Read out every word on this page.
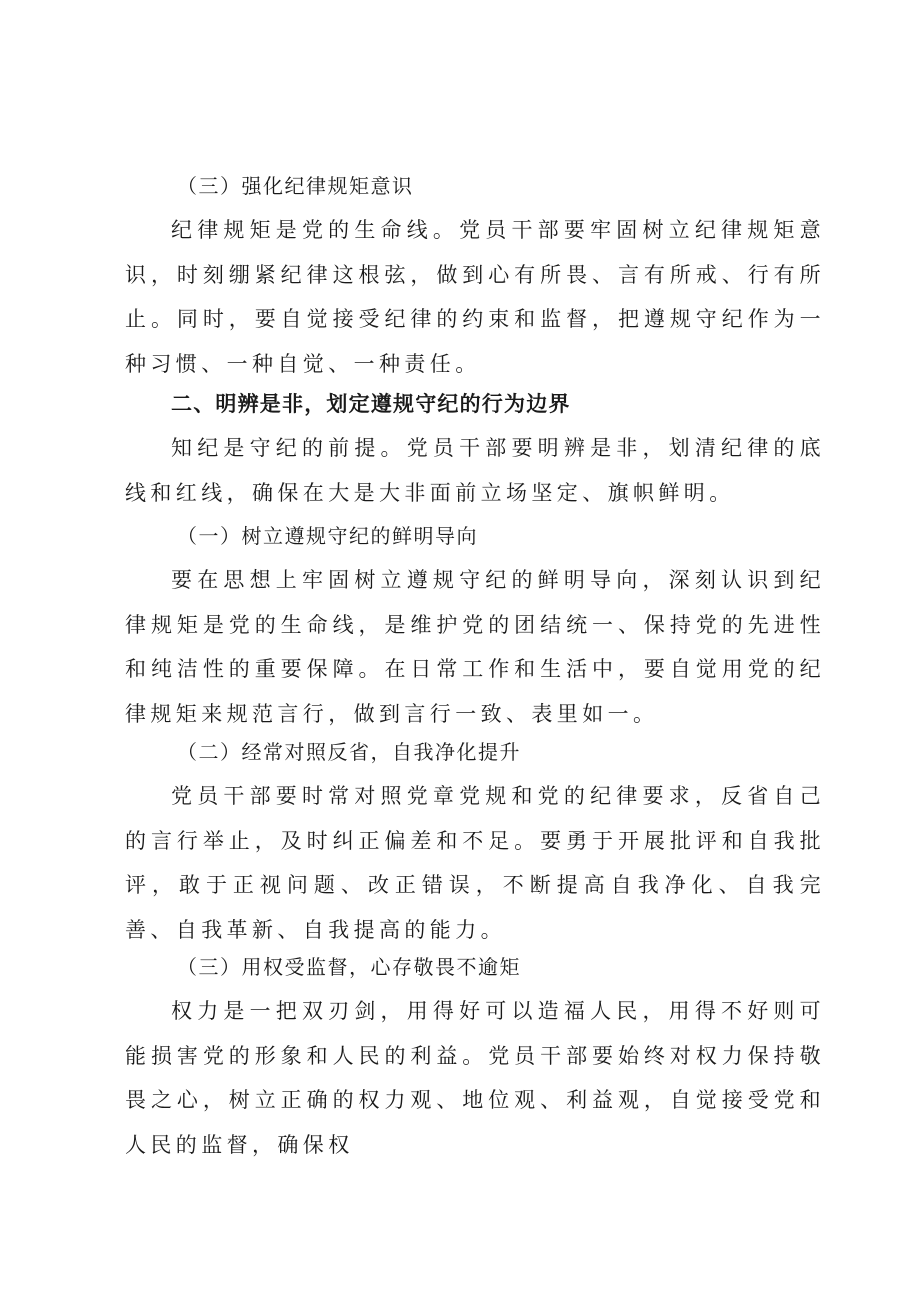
（三）强化纪律规矩意识

纪律规矩是党的生命线。党员干部要牢固树立纪律规矩意识，时刻绷紧纪律这根弦，做到心有所畏、言有所戒、行有所止。同时，要自觉接受纪律的约束和监督，把遵规守纪作为一种习惯、一种自觉、一种责任。

二、明辨是非，划定遵规守纪的行为边界

知纪是守纪的前提。党员干部要明辨是非，划清纪律的底线和红线，确保在大是大非面前立场坚定、旗帜鲜明。

（一）树立遵规守纪的鲜明导向

要在思想上牢固树立遵规守纪的鲜明导向，深刻认识到纪律规矩是党的生命线，是维护党的团结统一、保持党的先进性和纯洁性的重要保障。在日常工作和生活中，要自觉用党的纪律规矩来规范言行，做到言行一致、表里如一。

（二）经常对照反省，自我净化提升

党员干部要时常对照党章党规和党的纪律要求，反省自己的言行举止，及时纠正偏差和不足。要勇于开展批评和自我批评，敢于正视问题、改正错误，不断提高自我净化、自我完善、自我革新、自我提高的能力。

（三）用权受监督，心存敬畏不逾矩

权力是一把双刃剑，用得好可以造福人民，用得不好则可能损害党的形象和人民的利益。党员干部要始终对权力保持敬畏之心，树立正确的权力观、地位观、利益观，自觉接受党和人民的监督，确保权
